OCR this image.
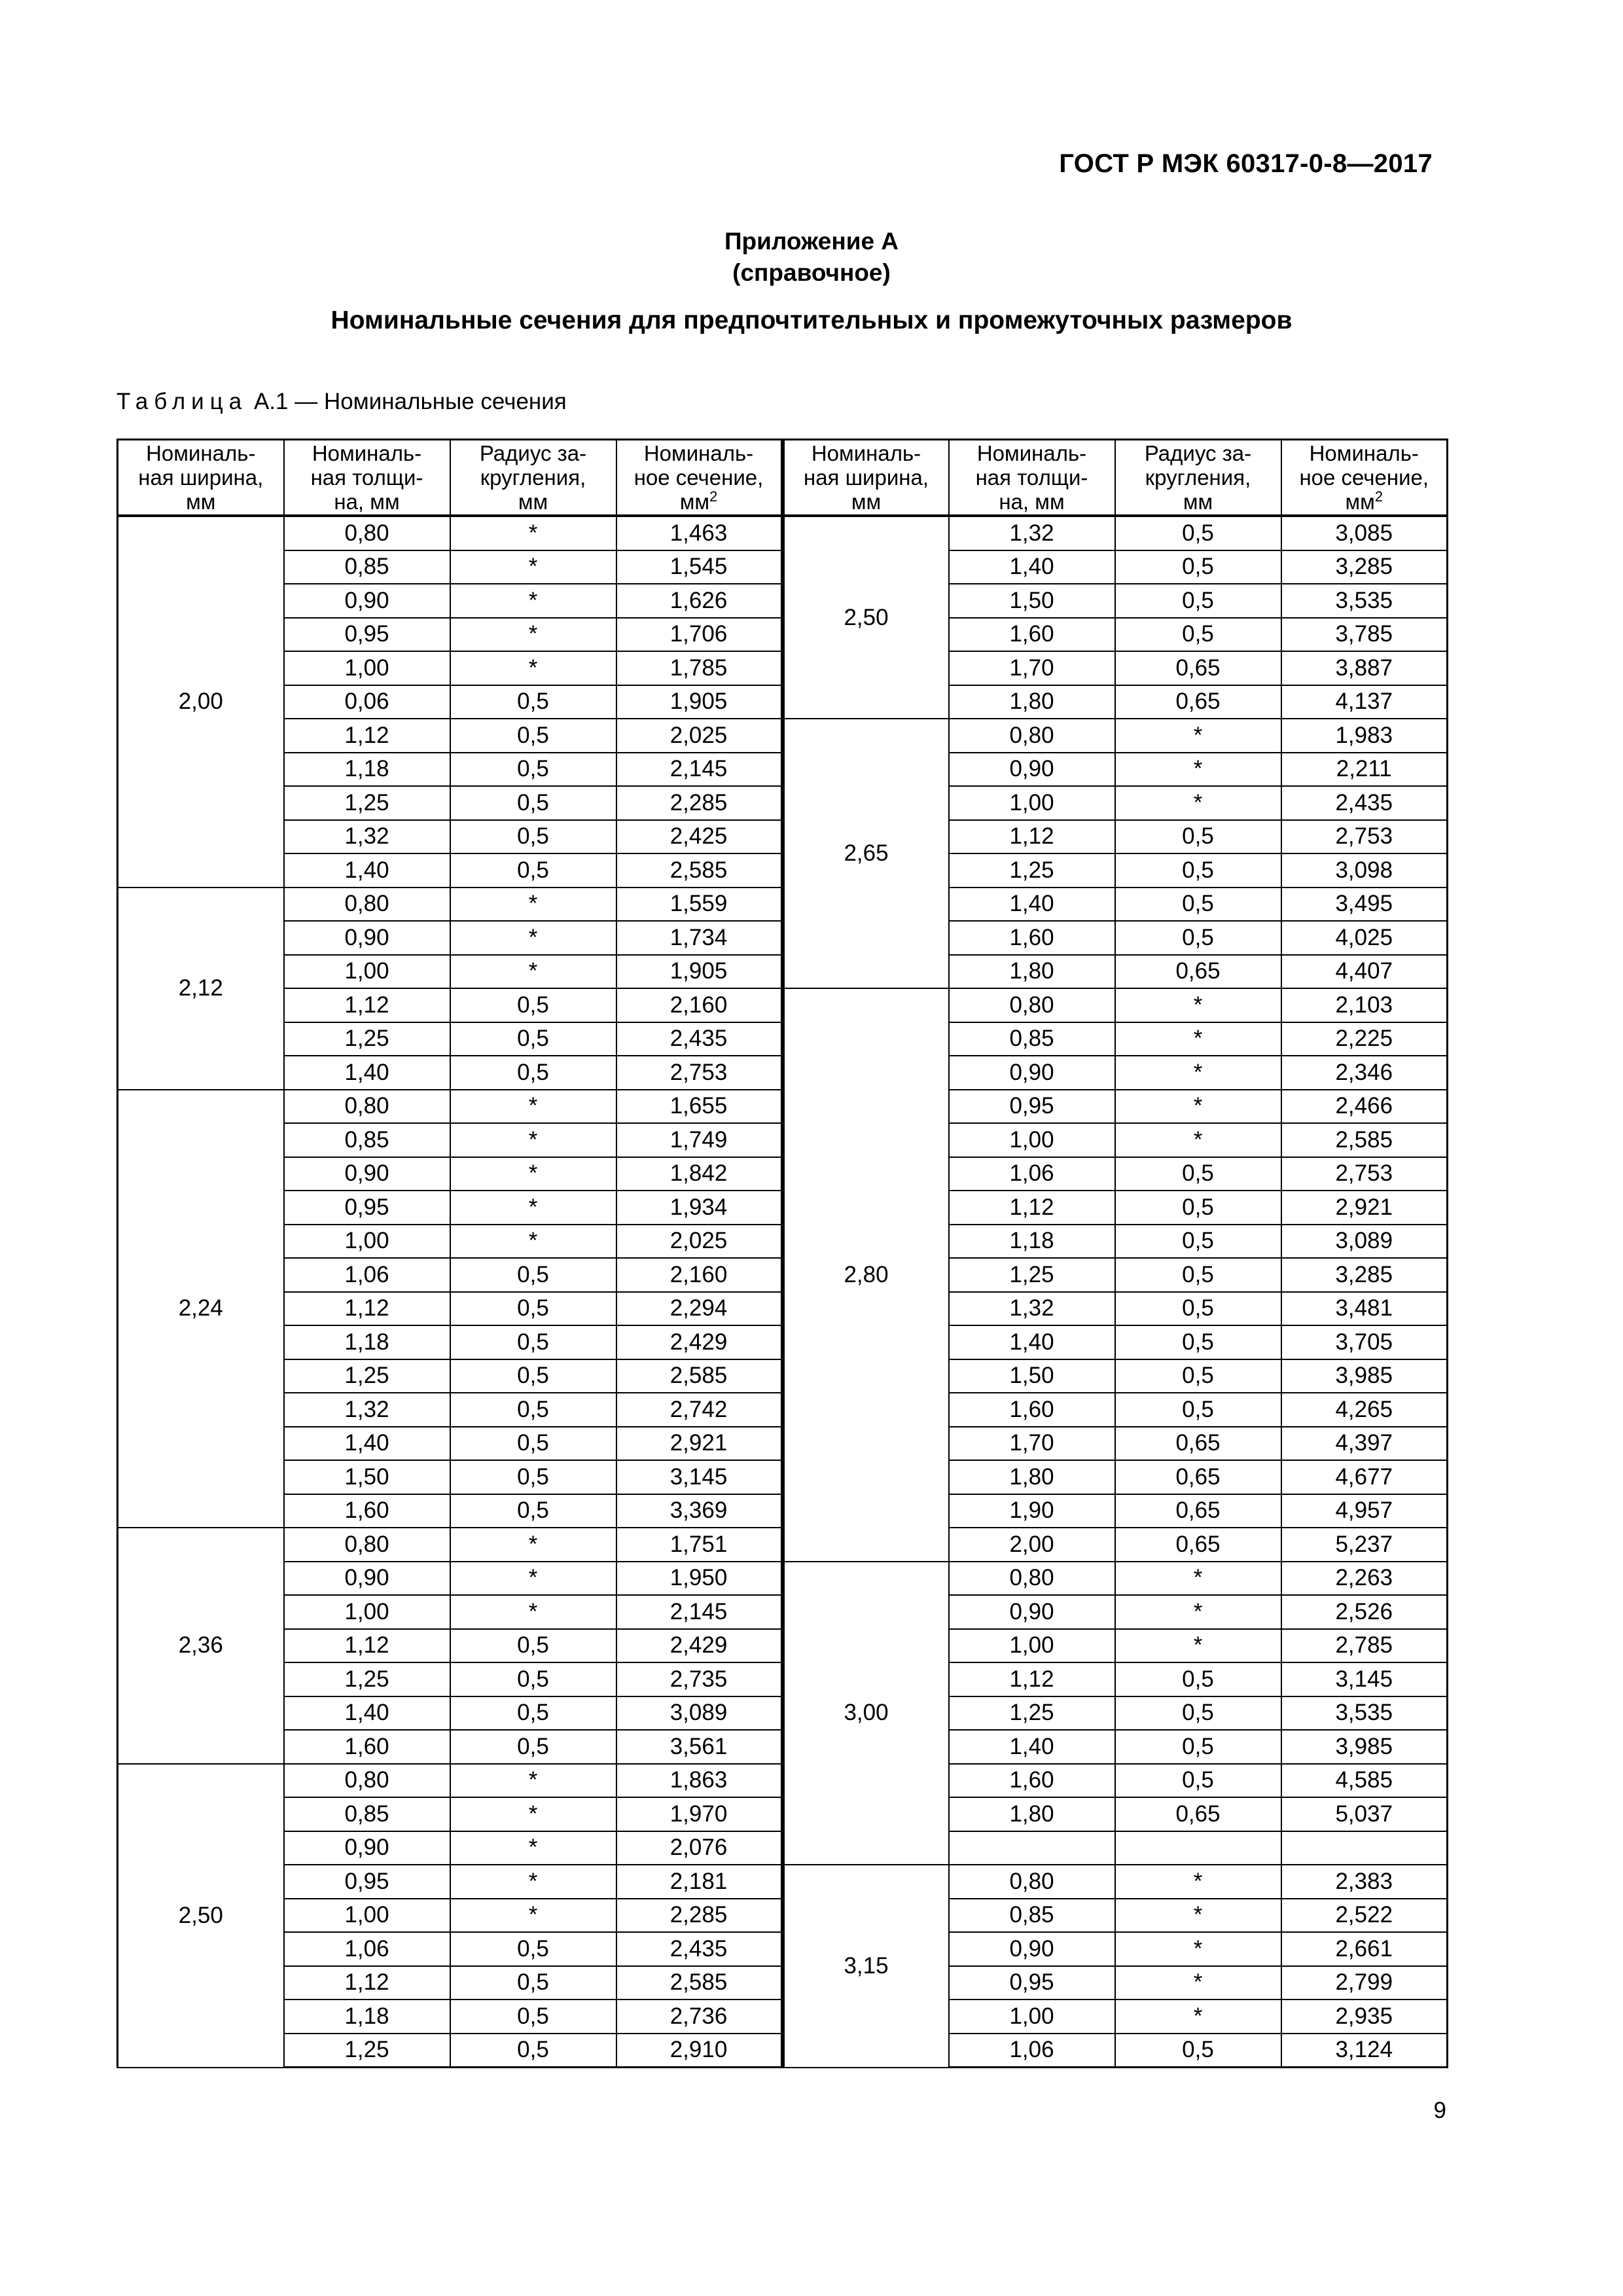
ГОСТ Р МЭК 60317-0-8—2017
Приложение А
(справочное)
Номинальные сечения для предпочтительных и промежуточных размеров
Таблица А.1 — Номинальные сечения
Номиналь-
ная ширина,
мм	Номиналь-
ная толщи-
на, мм	Радиус за-
кругления,
мм	Номиналь-
ное сечение,
$мм^2$	Номиналь-
ная ширина,
мм	Номиналь-
ная толщи-
на, мм	Радиус за-
кругления,
мм	Номиналь-
ное сечение,
$мм^2$
2,00	0,80	*	1,463	2,50	1,32	0,5	3,085
	0,85	*	1,545		1,40	0,5	3,285
	0,90	*	1,626		1,50	0,5	3,535
	0,95	*	1,706		1,60	0,5	3,785
	1,00	*	1,785		1,70	0,65	3,887
	0,06	0,5	1,905		1,80	0,65	4,137
	1,12	0,5	2,025	2,65	0,80	*	1,983
	1,18	0,5	2,145		0,90	*	2,211
	1,25	0,5	2,285		1,00	*	2,435
	1,32	0,5	2,425		1,12	0,5	2,753
	1,40	0,5	2,585		1,25	0,5	3,098
2,12	0,80	*	1,559		1,40	0,5	3,495
	0,90	*	1,734		1,60	0,5	4,025
	1,00	*	1,905		1,80	0,65	4,407
	1,12	0,5	2,160	2,80	0,80	*	2,103
	1,25	0,5	2,435		0,85	*	2,225
	1,40	0,5	2,753		0,90	*	2,346
2,24	0,80	*	1,655		0,95	*	2,466
	0,85	*	1,749		1,00	*	2,585
	0,90	*	1,842		1,06	0,5	2,753
	0,95	*	1,934		1,12	0,5	2,921
	1,00	*	2,025		1,18	0,5	3,089
	1,06	0,5	2,160		1,25	0,5	3,285
	1,12	0,5	2,294		1,32	0,5	3,481
	1,18	0,5	2,429		1,40	0,5	3,705
	1,25	0,5	2,585		1,50	0,5	3,985
	1,32	0,5	2,742		1,60	0,5	4,265
	1,40	0,5	2,921		1,70	0,65	4,397
	1,50	0,5	3,145		1,80	0,65	4,677
	1,60	0,5	3,369		1,90	0,65	4,957
2,36	0,80	*	1,751		2,00	0,65	5,237
	0,90	*	1,950	3,00	0,80	*	2,263
	1,00	*	2,145		0,90	*	2,526
	1,12	0,5	2,429		1,00	*	2,785
	1,25	0,5	2,735		1,12	0,5	3,145
	1,40	0,5	3,089		1,25	0,5	3,535
	1,60	0,5	3,561		1,40	0,5	3,985
2,50	0,80	*	1,863		1,60	0,5	4,585
	0,85	*	1,970		1,80	0,65	5,037
	0,90	*	2,076				
	0,95	*	2,181	3,15	0,80	*	2,383
	1,00	*	2,285		0,85	*	2,522
	1,06	0,5	2,435		0,90	*	2,661
	1,12	0,5	2,585		0,95	*	2,799
	1,18	0,5	2,736		1,00	*	2,935
	1,25	0,5	2,910		1,06	0,5	3,124
9
